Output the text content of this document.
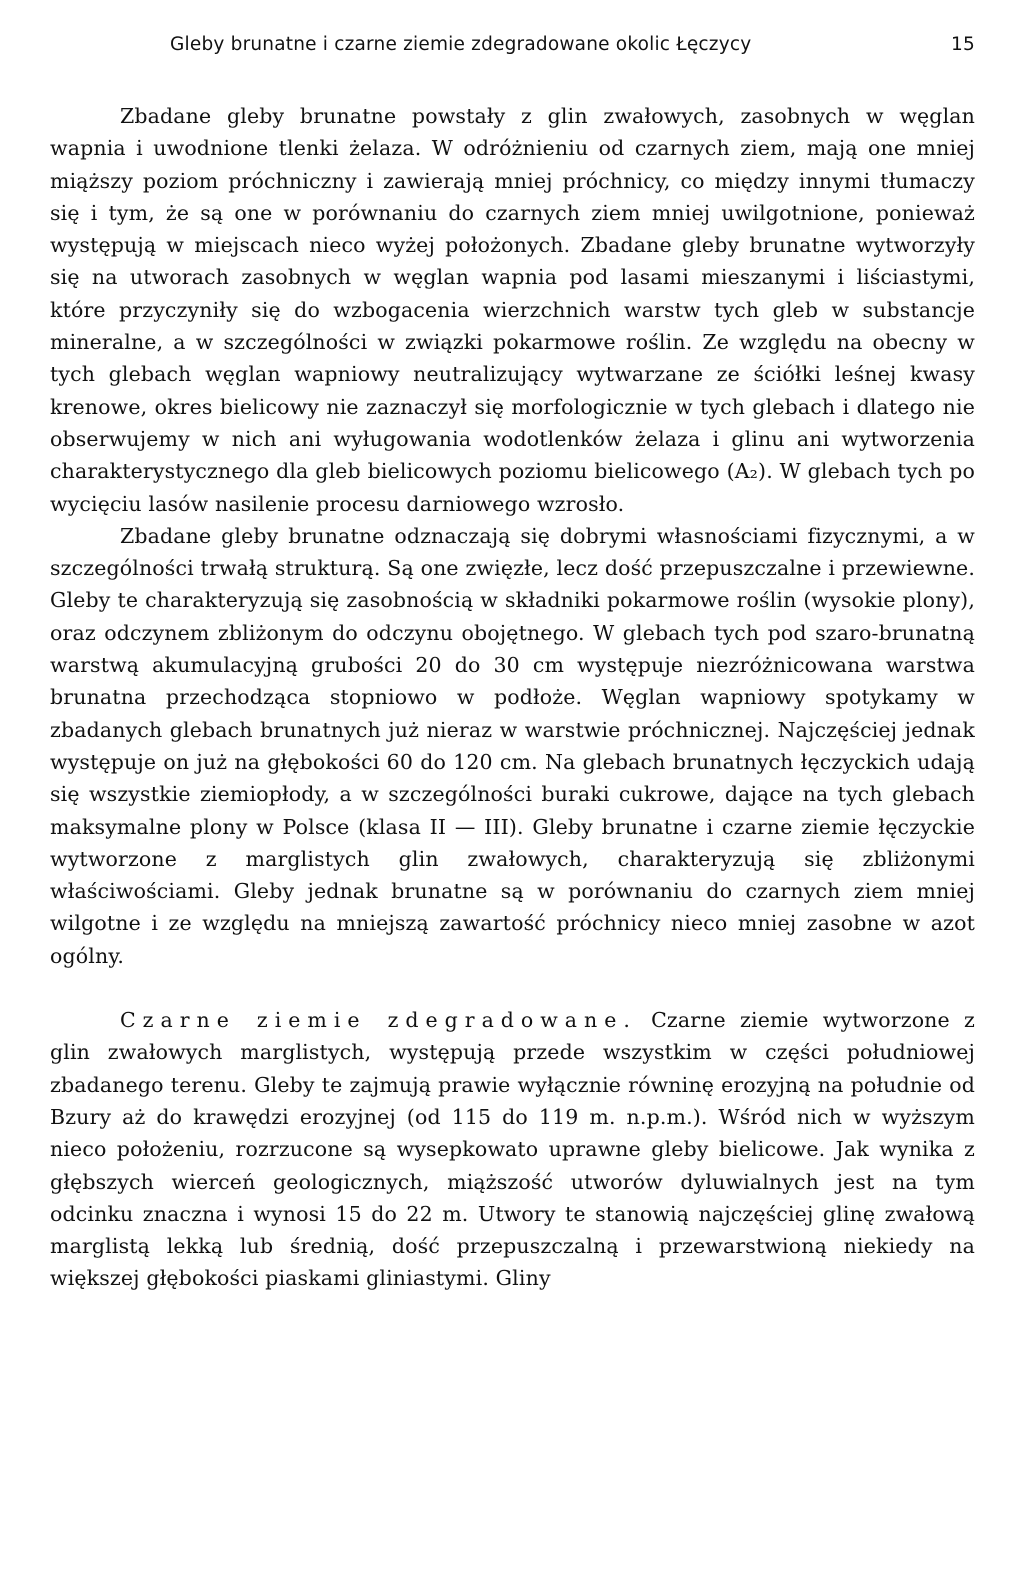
Gleby brunatne i czarne ziemie zdegradowane okolic Łęczycy	15

Zbadane gleby brunatne powstały z glin zwałowych, zasobnych w węglan wapnia i uwodnione tlenki żelaza. W odróżnieniu od czarnych ziem, mają one mniej miąższy poziom próchniczny i zawierają mniej próchnicy, co między innymi tłumaczy się i tym, że są one w porównaniu do czarnych ziem mniej uwilgotnione, ponieważ występują w miejscach nieco wyżej położonych. Zbadane gleby brunatne wytworzyły się na utworach zasobnych w węglan wapnia pod lasami mieszanymi i liściastymi, które przyczyniły się do wzbogacenia wierzchnich warstw tych gleb w substancje mineralne, a w szczególności w związki pokarmowe roślin. Ze względu na obecny w tych glebach węglan wapniowy neutralizujący wytwarzane ze ściółki leśnej kwasy krenowe, okres bielicowy nie zaznaczył się morfologicznie w tych glebach i dlatego nie obserwujemy w nich ani wyługowania wodotlenków żelaza i glinu ani wytworzenia charakterystycznego dla gleb bielicowych poziomu bielicowego (A₂). W glebach tych po wycięciu lasów nasilenie procesu darniowego wzrosło.

Zbadane gleby brunatne odznaczają się dobrymi własnościami fizycznymi, a w szczególności trwałą strukturą. Są one zwięzłe, lecz dość przepuszczalne i przewiewne. Gleby te charakteryzują się zasobnością w składniki pokarmowe roślin (wysokie plony), oraz odczynem zbliżonym do odczynu obojętnego. W glebach tych pod szaro-brunatną warstwą akumulacyjną grubości 20 do 30 cm występuje niezróżnicowana warstwa brunatna przechodząca stopniowo w podłoże. Węglan wapniowy spotykamy w zbadanych glebach brunatnych już nieraz w warstwie próchnicznej. Najczęściej jednak występuje on już na głębokości 60 do 120 cm. Na glebach brunatnych łęczyckich udają się wszystkie ziemiopłody, a w szczególności buraki cukrowe, dające na tych glebach maksymalne plony w Polsce (klasa II — III). Gleby brunatne i czarne ziemie łęczyckie wytworzone z marglistych glin zwałowych, charakteryzują się zbliżonymi właściwościami. Gleby jednak brunatne są w porównaniu do czarnych ziem mniej wilgotne i ze względu na mniejszą zawartość próchnicy nieco mniej zasobne w azot ogólny.

Czarne ziemie zdegradowane. Czarne ziemie wytworzone z glin zwałowych marglistych, występują przede wszystkim w części południowej zbadanego terenu. Gleby te zajmują prawie wyłącznie równinę erozyjną na południe od Bzury aż do krawędzi erozyjnej (od 115 do 119 m. n.p.m.). Wśród nich w wyższym nieco położeniu, rozrzucone są wysepkowato uprawne gleby bielicowe. Jak wynika z głębszych wierceń geologicznych, miąższość utworów dyluwialnych jest na tym odcinku znaczna i wynosi 15 do 22 m. Utwory te stanowią najczęściej glinę zwałową marglistą lekką lub średnią, dość przepuszczalną i przewarstwioną niekiedy na większej głębokości piaskami gliniastymi. Gliny
